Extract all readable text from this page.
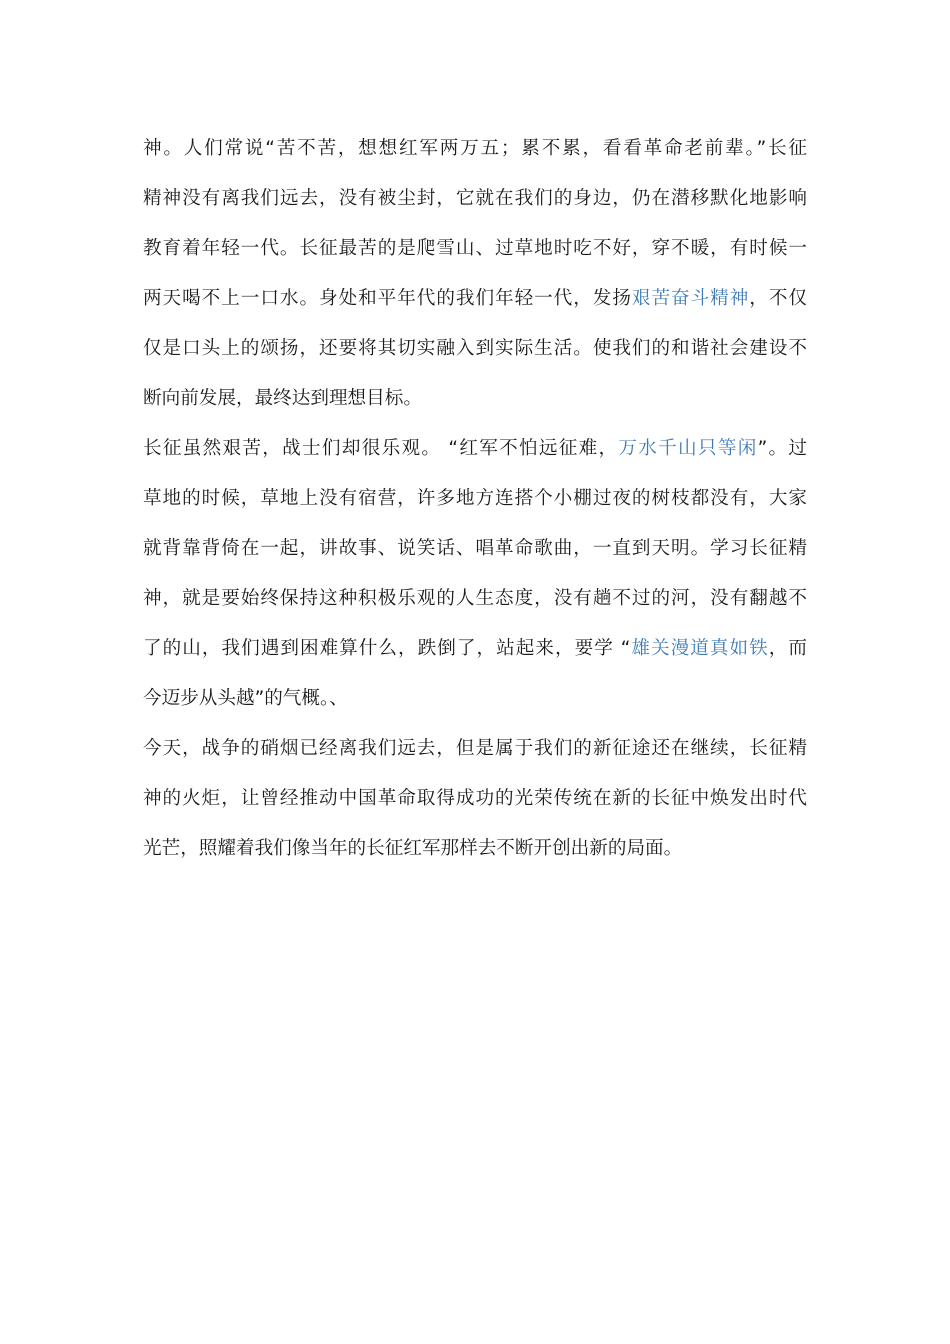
神。人们常说“苦不苦，想想红军两万五；累不累，看看革命老前辈。”长征
精神没有离我们远去，没有被尘封，它就在我们的身边，仍在潜移默化地影响
教育着年轻一代。长征最苦的是爬雪山、过草地时吃不好，穿不暖，有时候一
两天喝不上一口水。身处和平年代的我们年轻一代，发扬艰苦奋斗精神，不仅
仅是口头上的颂扬，还要将其切实融入到实际生活。使我们的和谐社会建设不
断向前发展，最终达到理想目标。
长征虽然艰苦，战士们却很乐观。 “红军不怕远征难，万水千山只等闲”。过
草地的时候，草地上没有宿营，许多地方连搭个小棚过夜的树枝都没有，大家
就背靠背倚在一起，讲故事、说笑话、唱革命歌曲，一直到天明。学习长征精
神，就是要始终保持这种积极乐观的人生态度，没有趟不过的河，没有翻越不
了的山，我们遇到困难算什么，跌倒了，站起来，要学 “雄关漫道真如铁，而
今迈步从头越”的气概。、
今天，战争的硝烟已经离我们远去，但是属于我们的新征途还在继续，长征精
神的火炬，让曾经推动中国革命取得成功的光荣传统在新的长征中焕发出时代
光芒，照耀着我们像当年的长征红军那样去不断开创出新的局面。
